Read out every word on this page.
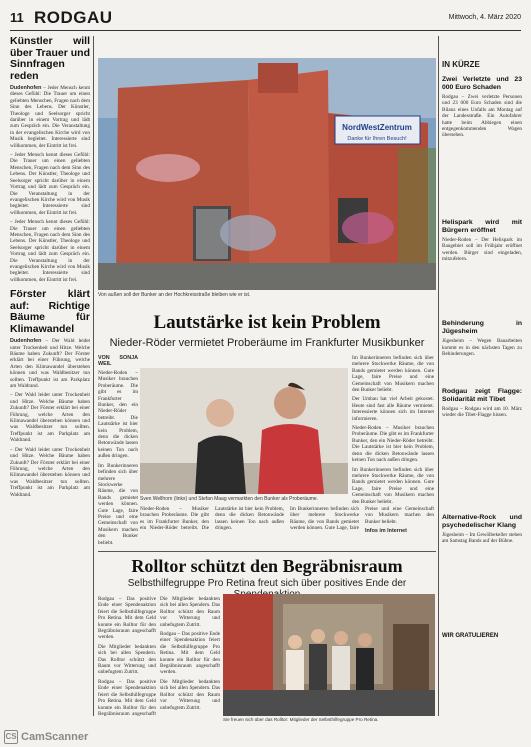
11 RODGAU	Mittwoch, 4. März 2020
Künstler will über Trauer und Sinnfragen reden

Dudenhofen – Jeder Mensch kennt dieses Gefühl: Die Trauer um einen geliebten Menschen, Fragen nach dem Sinn des Lebens. Der Künstler, Theologe und Seelsorger spricht darüber in einem Vortrag und lädt zum Gespräch ein. Die Veranstaltung in der evangelischen Kirche wird von Musik begleitet. Interessierte sind willkommen, der Eintritt ist frei.

– Jeder Mensch kennt dieses Gefühl: Die Trauer um einen geliebten Menschen, Fragen nach dem Sinn des Lebens. Der Künstler, Theologe und Seelsorger spricht darüber in einem Vortrag und lädt zum Gespräch ein. Die Veranstaltung in der evangelischen Kirche wird von Musik begleitet. Interessierte sind willkommen, der Eintritt ist frei.

– Jeder Mensch kennt dieses Gefühl: Die Trauer um einen geliebten Menschen, Fragen nach dem Sinn des Lebens. Der Künstler, Theologe und Seelsorger spricht darüber in einem Vortrag und lädt zum Gespräch ein. Die Veranstaltung in der evangelischen Kirche wird von Musik begleitet. Interessierte sind willkommen, der Eintritt ist frei.

Förster klärt auf: Richtige Bäume für Klimawandel

Dudenhofen – Der Wald leidet unter Trockenheit und Hitze. Welche Bäume haben Zukunft? Der Förster erklärt bei einer Führung, welche Arten den Klimawandel überstehen können und was Waldbesitzer tun sollten. Treffpunkt ist am Parkplatz am Waldrand.

– Der Wald leidet unter Trockenheit und Hitze. Welche Bäume haben Zukunft? Der Förster erklärt bei einer Führung, welche Arten den Klimawandel überstehen können und was Waldbesitzer tun sollten. Treffpunkt ist am Parkplatz am Waldrand.

– Der Wald leidet unter Trockenheit und Hitze. Welche Bäume haben Zukunft? Der Förster erklärt bei einer Führung, welche Arten den Klimawandel überstehen können und was Waldbesitzer tun sollten. Treffpunkt ist am Parkplatz am Waldrand.

IN KÜRZE
Zwei Verletzte und 23 000 Euro Schaden

Rodgau – Zwei verletzte Personen und 23 000 Euro Schaden sind die Bilanz eines Unfalls am Montag auf der Landesstraße. Ein Autofahrer hatte beim Abbiegen einen entgegenkommenden Wagen übersehen.

Helispark wird mit Bürgern eröffnet

Nieder-Roden – Der Helispark im Baugebiet soll im Frühjahr eröffnet werden. Bürger sind eingeladen, mitzufeiern.

Behinderung in Jügesheim

Jügesheim – Wegen Bauarbeiten kommt es in den nächsten Tagen zu Behinderungen.

Rodgau zeigt Flagge: Solidarität mit Tibet

Rodgau – Rodgau wird am 10. März wieder die Tibet-Flagge hissen.

Alternative-Rock und psychedelischer Klang

Jügesheim – Im Gewölbekeller stehen am Samstag Bands auf der Bühne.

WIR GRATULIEREN
NordWestZentrum
Danke für Ihren Besuch!
Von außen soll der Bunker an der Hochkreisstraße bleiben wie er ist.
Lautstärke ist kein Problem
Nieder-Röder vermietet Proberäume im Frankfurter Musikbunker

VON SONJA WEIL

Nieder-Roden – Musiker brauchen Proberäume. Die gibt es im Frankfurter Bunker, den ein Nieder-Röder betreibt. Die Lautstärke ist hier kein Problem, denn die dicken Betonwände lassen keinen Ton nach außen dringen.

Im Bunkerinneren befinden sich über mehrere Stockwerke Räume, die von Bands gemietet werden können. Gute Lage, faire Preise und eine Gemeinschaft von Musikern machen den Bunker beliebt.

Sven Wellhorn (links) und Stefan Maag vermarkten den Bunker als Proberäume.

Im Bunkerinneren befinden sich über mehrere Stockwerke Räume, die von Bands gemietet werden können. Gute Lage, faire Preise und eine Gemeinschaft von Musikern machen den Bunker beliebt.

Der Umbau hat viel Arbeit gekostet. Heute sind fast alle Räume vermietet. Interessierte können sich im Internet informieren.

Nieder-Roden – Musiker brauchen Proberäume. Die gibt es im Frankfurter Bunker, den ein Nieder-Röder betreibt. Die Lautstärke ist hier kein Problem, denn die dicken Betonwände lassen keinen Ton nach außen dringen.

Im Bunkerinneren befinden sich über mehrere Stockwerke Räume, die von Bands gemietet werden können. Gute Lage, faire Preise und eine Gemeinschaft von Musikern machen den Bunker beliebt.

Nieder-Roden – Musiker brauchen Proberäume. Die gibt es im Frankfurter Bunker, den ein Nieder-Röder betreibt. Die Lautstärke ist hier kein Problem, denn die dicken Betonwände lassen keinen Ton nach außen dringen.

Im Bunkerinneren befinden sich über mehrere Stockwerke Räume, die von Bands gemietet werden können. Gute Lage, faire Preise und eine Gemeinschaft von Musikern machen den Bunker beliebt.

Infos im Internet

Rolltor schützt den Begräbnisraum
Selbsthilfegruppe Pro Retina freut sich über positives Ende der

Rodgau – Das positive Ende einer Spendenaktion feiert die Selbsthilfegruppe Pro Retina. Mit dem Geld konnte ein Rolltor für den Begräbnisraum angeschafft werden.

Die Mitglieder bedankten sich bei allen Spendern. Das Rolltor schützt den Raum vor Witterung und unbefugtem Zutritt.

Rodgau – Das positive Ende einer Spendenaktion feiert die Selbsthilfegruppe Pro Retina. Mit dem Geld konnte ein Rolltor für den Begräbnisraum angeschafft

Die Mitglieder bedankten sich bei allen Spendern. Das Rolltor schützt den Raum vor Witterung und unbefugtem Zutritt.

Rodgau – Das positive Ende einer Spendenaktion feiert die Selbsthilfegruppe Pro Retina. Mit dem Geld konnte ein Rolltor für den Begräbnisraum angeschafft werden.

Die Mitglieder bedankten sich bei allen Spendern. Das Rolltor schützt den Raum vor Witterung und unbefugtem Zutritt.

Sie freuen sich über das Rolltor: Mitglieder der Selbsthilfegruppe Pro Retina.
CS CamScanner
